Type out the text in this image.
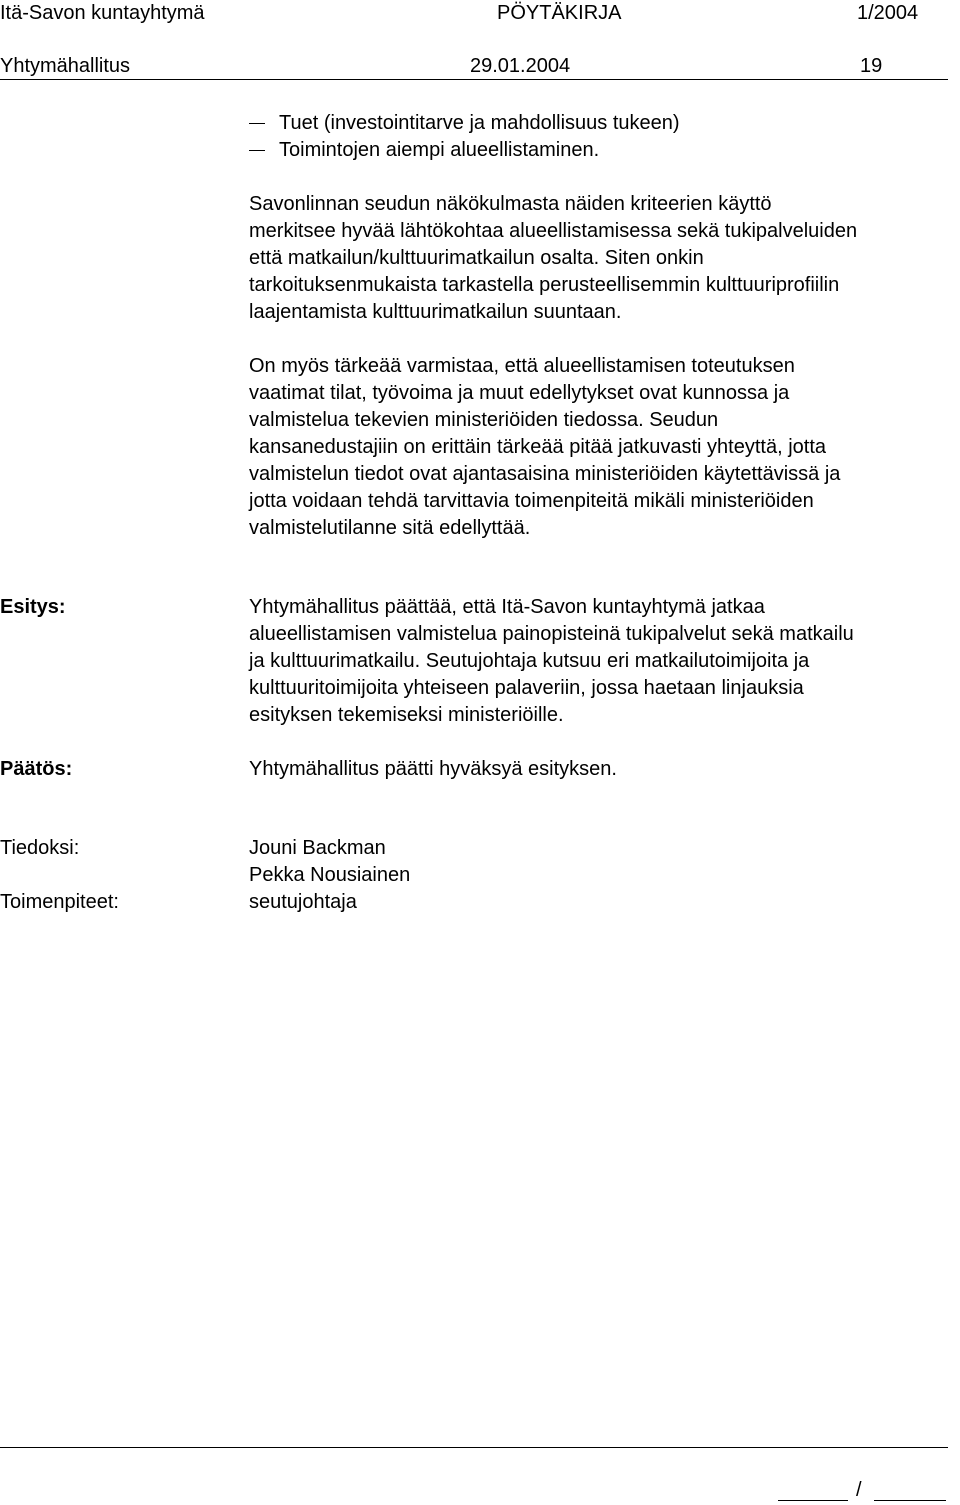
Itä-Savon kuntayhtymä	PÖYTÄKIRJA	1/2004
Yhtymähallitus	29.01.2004	19
Tuet (investointitarve ja mahdollisuus tukeen)
Toimintojen aiempi alueellistaminen.
Savonlinnan seudun näkökulmasta näiden kriteerien käyttö
merkitsee hyvää lähtökohtaa alueellistamisessa sekä tukipalveluiden
että matkailun/kulttuurimatkailun osalta. Siten onkin
tarkoituksenmukaista tarkastella perusteellisemmin kulttuuriprofiilin
laajentamista kulttuurimatkailun suuntaan.
On myös tärkeää varmistaa, että alueellistamisen toteutuksen
vaatimat tilat, työvoima ja muut edellytykset ovat kunnossa ja
valmistelua tekevien ministeriöiden tiedossa. Seudun
kansanedustajiin on erittäin tärkeää pitää jatkuvasti yhteyttä, jotta
valmistelun tiedot ovat ajantasaisina ministeriöiden käytettävissä ja
jotta voidaan tehdä tarvittavia toimenpiteitä mikäli ministeriöiden
valmistelutilanne sitä edellyttää.
Esitys:	Yhtymähallitus päättää, että Itä-Savon kuntayhtymä jatkaa
alueellistamisen valmistelua painopisteinä tukipalvelut sekä matkailu
ja kulttuurimatkailu. Seutujohtaja kutsuu eri matkailutoimijoita ja
kulttuuritoimijoita yhteiseen palaveriin, jossa haetaan linjauksia
esityksen tekemiseksi ministeriöille.
Päätös:	Yhtymähallitus päätti hyväksyä esityksen.
Tiedoksi:	Jouni Backman
Pekka Nousiainen
Toimenpiteet:	seutujohtaja
/
